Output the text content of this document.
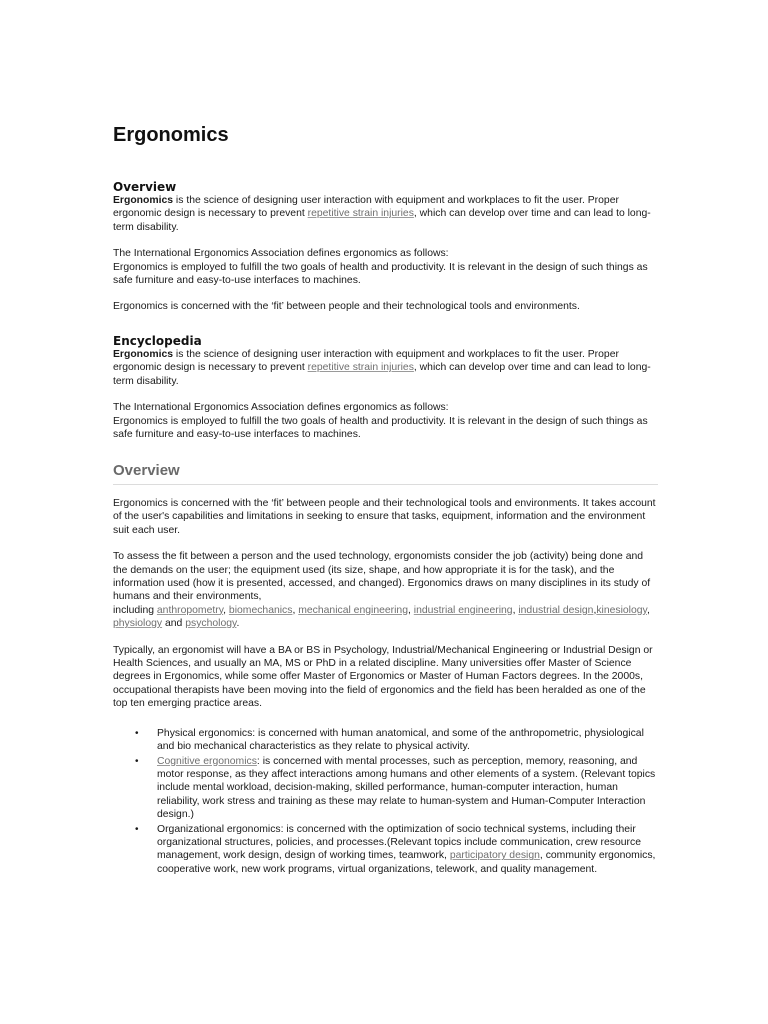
Ergonomics
Overview

Ergonomics is the science of designing user interaction with equipment and workplaces to fit the user. Proper ergonomic design is necessary to prevent repetitive strain injuries, which can develop over time and can lead to long-term disability.

The International Ergonomics Association defines ergonomics as follows:
Ergonomics is employed to fulfill the two goals of health and productivity. It is relevant in the design of such things as safe furniture and easy-to-use interfaces to machines.

Ergonomics is concerned with the ‘fit’ between people and their technological tools and environments.

Encyclopedia

Ergonomics is the science of designing user interaction with equipment and workplaces to fit the user. Proper ergonomic design is necessary to prevent repetitive strain injuries, which can develop over time and can lead to long-term disability.

The International Ergonomics Association defines ergonomics as follows:
Ergonomics is employed to fulfill the two goals of health and productivity. It is relevant in the design of such things as safe furniture and easy-to-use interfaces to machines.

Overview

Ergonomics is concerned with the ‘fit’ between people and their technological tools and environments. It takes account of the user's capabilities and limitations in seeking to ensure that tasks, equipment, information and the environment suit each user.

To assess the fit between a person and the used technology, ergonomists consider the job (activity) being done and the demands on the user; the equipment used (its size, shape, and how appropriate it is for the task), and the information used (how it is presented, accessed, and changed). Ergonomics draws on many disciplines in its study of humans and their environments,
including anthropometry, biomechanics, mechanical engineering, industrial engineering, industrial design,kinesiology, physiology and psychology.

Typically, an ergonomist will have a BA or BS in Psychology, Industrial/Mechanical Engineering or Industrial Design or Health Sciences, and usually an MA, MS or PhD in a related discipline. Many universities offer Master of Science degrees in Ergonomics, while some offer Master of Ergonomics or Master of Human Factors degrees. In the 2000s, occupational therapists have been moving into the field of ergonomics and the field has been heralded as one of the top ten emerging practice areas.

• Physical ergonomics: is concerned with human anatomical, and some of the anthropometric, physiological and bio mechanical characteristics as they relate to physical activity.
• Cognitive ergonomics: is concerned with mental processes, such as perception, memory, reasoning, and motor response, as they affect interactions among humans and other elements of a system. (Relevant topics include mental workload, decision-making, skilled performance, human-computer interaction, human reliability, work stress and training as these may relate to human-system and Human-Computer Interaction design.)
• Organizational ergonomics: is concerned with the optimization of socio technical systems, including their organizational structures, policies, and processes.(Relevant topics include communication, crew resource management, work design, design of working times, teamwork, participatory design, community ergonomics, cooperative work, new work programs, virtual organizations, telework, and quality management.
